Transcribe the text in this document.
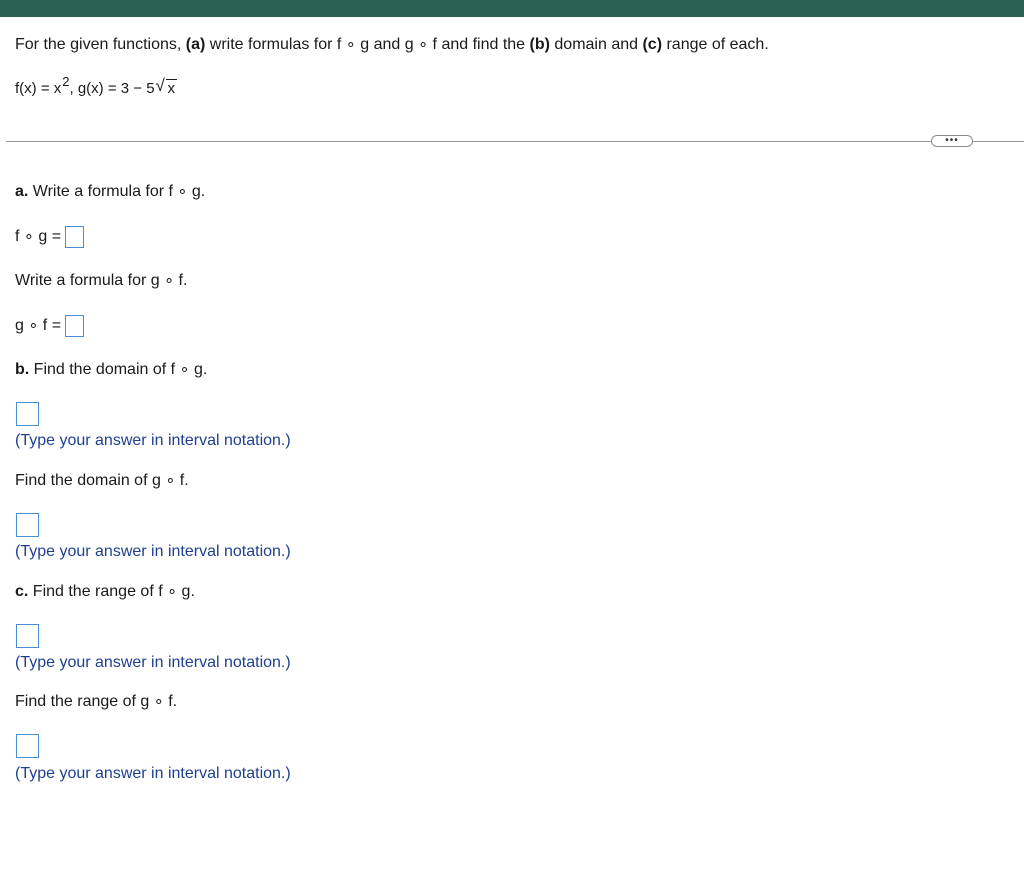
For the given functions, (a) write formulas for f ∘ g and g ∘ f and find the (b) domain and (c) range of each.
f(x) = x2, g(x) = 3 − 5 √ x
•••
a. Write a formula for f ∘ g.
f ∘ g =
Write a formula for g ∘ f.
g ∘ f =
b. Find the domain of f ∘ g.
(Type your answer in interval notation.)
Find the domain of g ∘ f.
(Type your answer in interval notation.)
c. Find the range of f ∘ g.
(Type your answer in interval notation.)
Find the range of g ∘ f.
(Type your answer in interval notation.)
